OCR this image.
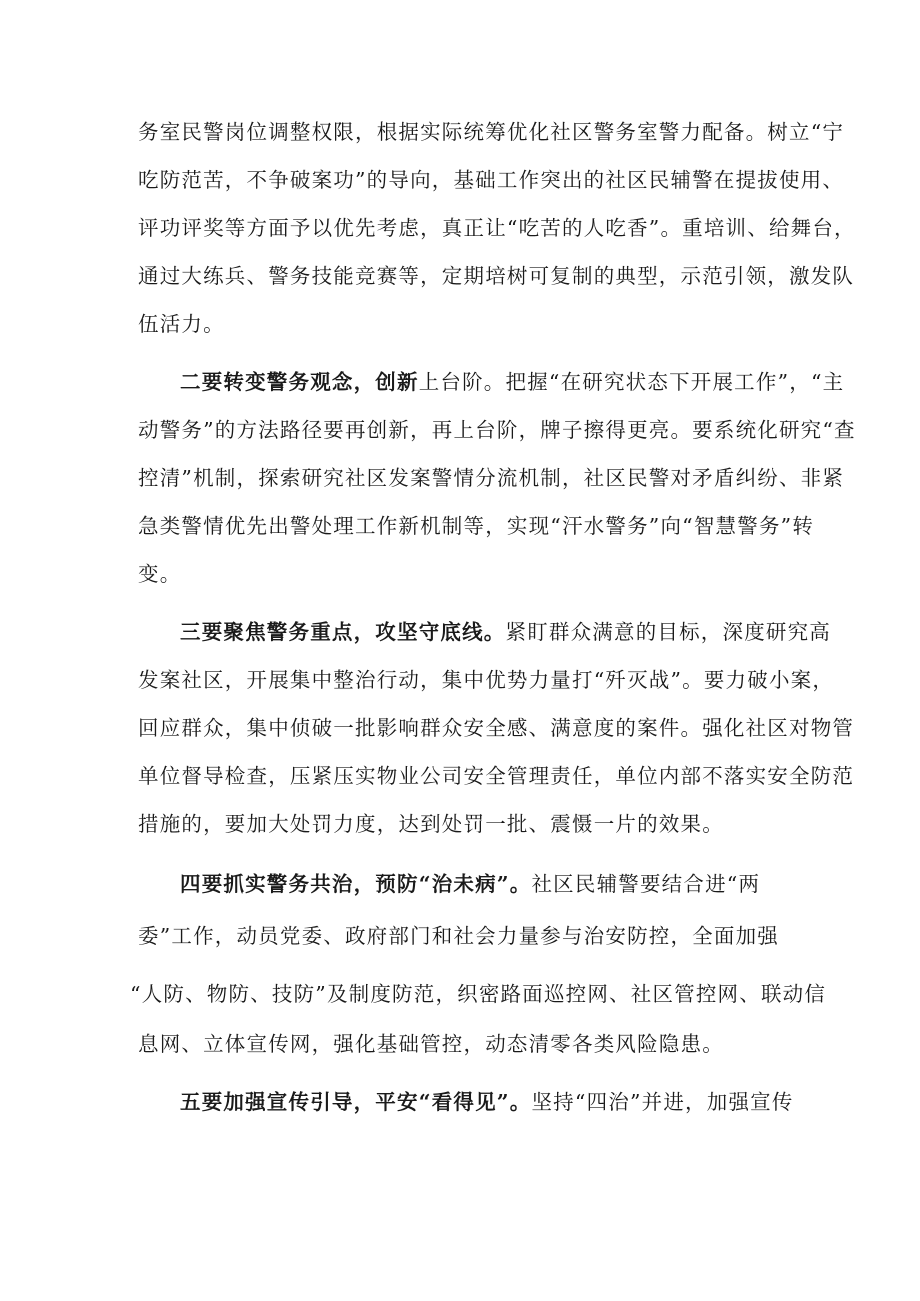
务室民警岗位调整权限，根据实际统筹优化社区警务室警力配备。树立“宁
吃防范苦，不争破案功”的导向，基础工作突出的社区民辅警在提拔使用、
评功评奖等方面予以优先考虑，真正让“吃苦的人吃香”。重培训、给舞台，
通过大练兵、警务技能竞赛等，定期培树可复制的典型，示范引领，激发队
伍活力。
二要转变警务观念，创新上台阶。把握“在研究状态下开展工作”，“主
动警务”的方法路径要再创新，再上台阶，牌子擦得更亮。要系统化研究“查
控清”机制，探索研究社区发案警情分流机制，社区民警对矛盾纠纷、非紧
急类警情优先出警处理工作新机制等，实现“汗水警务”向“智慧警务”转
变。
三要聚焦警务重点，攻坚守底线。紧盯群众满意的目标，深度研究高
发案社区，开展集中整治行动，集中优势力量打“歼灭战”。要力破小案，
回应群众，集中侦破一批影响群众安全感、满意度的案件。强化社区对物管
单位督导检查，压紧压实物业公司安全管理责任，单位内部不落实安全防范
措施的，要加大处罚力度，达到处罚一批、震慑一片的效果。
四要抓实警务共治，预防“治未病”。社区民辅警要结合进“两
委”工作，动员党委、政府部门和社会力量参与治安防控，全面加强
“人防、物防、技防”及制度防范，织密路面巡控网、社区管控网、联动信
息网、立体宣传网，强化基础管控，动态清零各类风险隐患。
五要加强宣传引导，平安“看得见”。坚持“四治”并进，加强宣传
